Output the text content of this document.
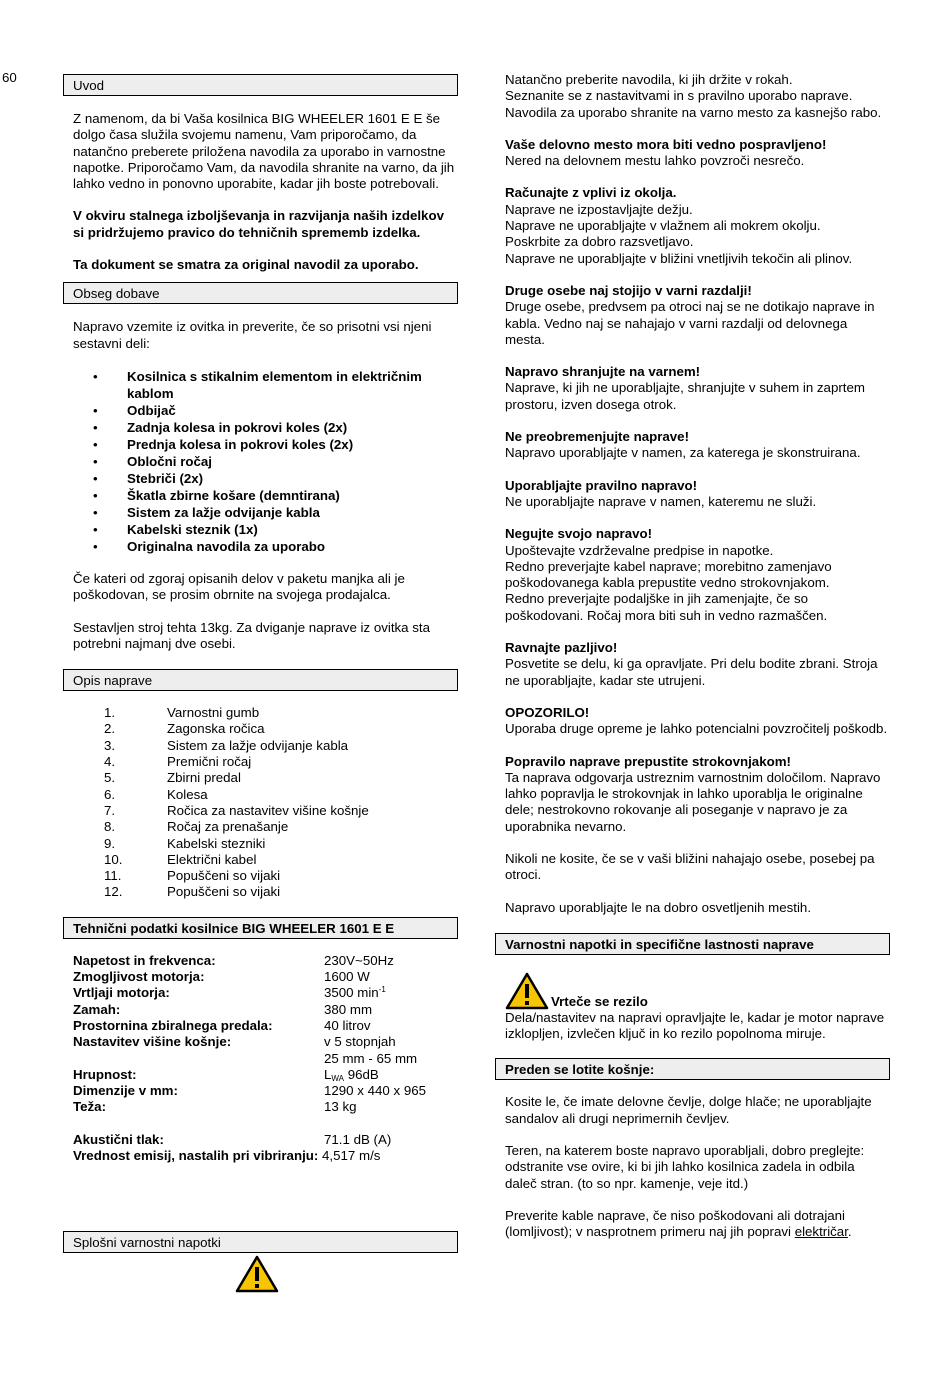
60
Uvod

Z namenom, da bi Vaša kosilnica BIG WHEELER 1601 E E še dolgo časa služila svojemu namenu, Vam priporočamo, da natančno preberete priložena navodila za uporabo in varnostne napotke. Priporočamo Vam, da navodila shranite na varno, da jih lahko vedno in ponovno uporabite, kadar jih boste potrebovali.

V okviru stalnega izboljševanja in razvijanja naših izdelkov si pridržujemo pravico do tehničnih sprememb izdelka.

Ta dokument se smatra za original navodil za uporabo.

Obseg dobave

Napravo vzemite iz ovitka in preverite, če so prisotni vsi njeni sestavni deli:

• Kosilnica s stikalnim elementom in električnim kablom
• Odbijač
• Zadnja kolesa in pokrovi koles (2x)
• Prednja kolesa in pokrovi koles (2x)
• Obločni ročaj
• Stebriči (2x)
• Škatla zbirne košare (demntirana)
• Sistem za lažje odvijanje kabla
• Kabelski steznik (1x)
• Originalna navodila za uporabo

Če kateri od zgoraj opisanih delov v paketu manjka ali je poškodovan, se prosim obrnite na svojega prodajalca.

Sestavljen stroj tehta 13kg. Za dviganje naprave iz ovitka sta potrebni najmanj dve osebi.

Opis naprave
1.	Varnostni gumb
2.	Zagonska ročica
3.	Sistem za lažje odvijanje kabla
4.	Premični ročaj
5.	Zbirni predal
6.	Kolesa
7.	Ročica za nastavitev višine košnje
8.	Ročaj za prenašanje
9.	Kabelski stezniki
10.	Električni kabel
11.	Popuščeni so vijaki
12.	Popuščeni so vijaki
Tehnični podatki kosilnice BIG WHEELER 1601 E E
Napetost in frekvenca:	230V~50Hz
Zmogljivost motorja:	1600 W
Vrtljaji motorja:	3500 $\min^{-1}$
Zamah:	380 mm
Prostornina zbiralnega predala:	40 litrov
Nastavitev višine košnje:	v 5 stopnjah
	25 mm - 65 mm
Hrupnost:	$L_{WA}$ 96dB
Dimenzije v mm:	1290 x 440 x 965
Teža:	13 kg
Akustični tlak:	71.1 dB (A)

Vrednost emisij, nastalih pri vibriranju: 4,517 m/s

Splošni varnostni napotki

Natančno preberite navodila, ki jih držite v rokah.

Seznanite se z nastavitvami in s pravilno uporabo naprave.

Navodila za uporabo shranite na varno mesto za kasnejšo rabo.

Vaše delovno mesto mora biti vedno pospravljeno!

Nered na delovnem mestu lahko povzroči nesrečo.

Računajte z vplivi iz okolja.

Naprave ne izpostavljajte dežju.

Naprave ne uporabljajte v vlažnem ali mokrem okolju.

Poskrbite za dobro razsvetljavo.

Naprave ne uporabljajte v bližini vnetljivih tekočin ali plinov.

Druge osebe naj stojijo v varni razdalji!

Druge osebe, predvsem pa otroci naj se ne dotikajo naprave in kabla. Vedno naj se nahajajo v varni razdalji od delovnega mesta.

Napravo shranjujte na varnem!

Naprave, ki jih ne uporabljajte, shranjujte v suhem in zaprtem prostoru, izven dosega otrok.

Ne preobremenjujte naprave!

Napravo uporabljajte v namen, za katerega je skonstruirana.

Uporabljajte pravilno napravo!

Ne uporabljajte naprave v namen, kateremu ne služi.

Negujte svojo napravo!

Upoštevajte vzdrževalne predpise in napotke.

Redno preverjajte kabel naprave; morebitno zamenjavo poškodovanega kabla prepustite vedno strokovnjakom.

Redno preverjajte podaljške in jih zamenjajte, če so poškodovani. Ročaj mora biti suh in vedno razmaščen.

Ravnajte pazljivo!

Posvetite se delu, ki ga opravljate. Pri delu bodite zbrani. Stroja ne uporabljajte, kadar ste utrujeni.

OPOZORILO!

Uporaba druge opreme je lahko potencialni povzročitelj poškodb.

Popravilo naprave prepustite strokovnjakom!

Ta naprava odgovarja ustreznim varnostnim določilom. Napravo lahko popravlja le strokovnjak in lahko uporablja le originalne dele; nestrokovno rokovanje ali poseganje v napravo je za uporabnika nevarno.

Nikoli ne kosite, če se v vaši bližini nahajajo osebe, posebej pa otroci.

Napravo uporabljajte le na dobro osvetljenih mestih.

Varnostni napotki in specifične lastnosti naprave
Vrteče se rezilo

Dela/nastavitev na napravi opravljajte le, kadar je motor naprave izklopljen, izvlečen ključ in ko rezilo popolnoma miruje.

Preden se lotite košnje:

Kosite le, če imate delovne čevlje, dolge hlače; ne uporabljajte sandalov ali drugi neprimernih čevljev.

Teren, na katerem boste napravo uporabljali, dobro preglejte: odstranite vse ovire, ki bi jih lahko kosilnica zadela in odbila daleč stran. (to so npr. kamenje, veje itd.)

Preverite kable naprave, če niso poškodovani ali dotrajani (lomljivost); v nasprotnem primeru naj jih popravi električar.
